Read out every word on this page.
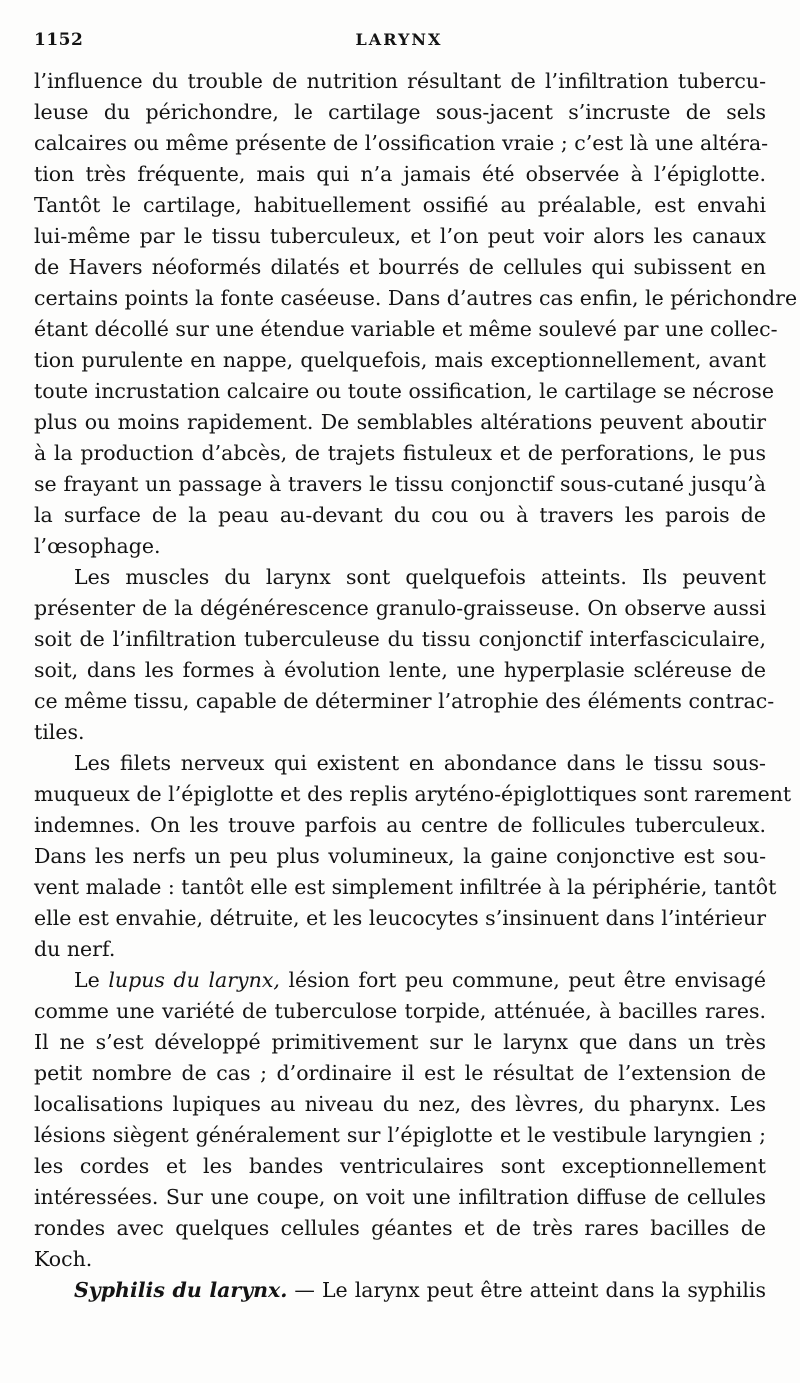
1152	LARYNX

l’influence du trouble de nutrition résultant de l’infiltration tubercu-
leuse du périchondre, le cartilage sous-jacent s’incruste de sels
calcaires ou même présente de l’ossification vraie ; c’est là une altéra-
tion très fréquente, mais qui n’a jamais été observée à l’épiglotte.
Tantôt le cartilage, habituellement ossifié au préalable, est envahi
lui-même par le tissu tuberculeux, et l’on peut voir alors les canaux
de Havers néoformés dilatés et bourrés de cellules qui subissent en
certains points la fonte caséeuse. Dans d’autres cas enfin, le périchondre
étant décollé sur une étendue variable et même soulevé par une collec-
tion purulente en nappe, quelquefois, mais exceptionnellement, avant
toute incrustation calcaire ou toute ossification, le cartilage se nécrose
plus ou moins rapidement. De semblables altérations peuvent aboutir
à la production d’abcès, de trajets fistuleux et de perforations, le pus
se frayant un passage à travers le tissu conjonctif sous-cutané jusqu’à
la surface de la peau au-devant du cou ou à travers les parois de
l’œsophage.

Les muscles du larynx sont quelquefois atteints. Ils peuvent
présenter de la dégénérescence granulo-graisseuse. On observe aussi
soit de l’infiltration tuberculeuse du tissu conjonctif interfasciculaire,
soit, dans les formes à évolution lente, une hyperplasie scléreuse de
ce même tissu, capable de déterminer l’atrophie des éléments contrac-
tiles.

Les filets nerveux qui existent en abondance dans le tissu sous-
muqueux de l’épiglotte et des replis aryténo-épiglottiques sont rarement
indemnes. On les trouve parfois au centre de follicules tuberculeux.
Dans les nerfs un peu plus volumineux, la gaine conjonctive est sou-
vent malade : tantôt elle est simplement infiltrée à la périphérie, tantôt
elle est envahie, détruite, et les leucocytes s’insinuent dans l’intérieur
du nerf.

Le lupus du larynx, lésion fort peu commune, peut être envisagé
comme une variété de tuberculose torpide, atténuée, à bacilles rares.
Il ne s’est développé primitivement sur le larynx que dans un très
petit nombre de cas ; d’ordinaire il est le résultat de l’extension de
localisations lupiques au niveau du nez, des lèvres, du pharynx. Les
lésions siègent généralement sur l’épiglotte et le vestibule laryngien ;
les cordes et les bandes ventriculaires sont exceptionnellement
intéressées. Sur une coupe, on voit une infiltration diffuse de cellules
rondes avec quelques cellules géantes et de très rares bacilles de
Koch.

Syphilis du larynx. — Le larynx peut être atteint dans la syphilis
